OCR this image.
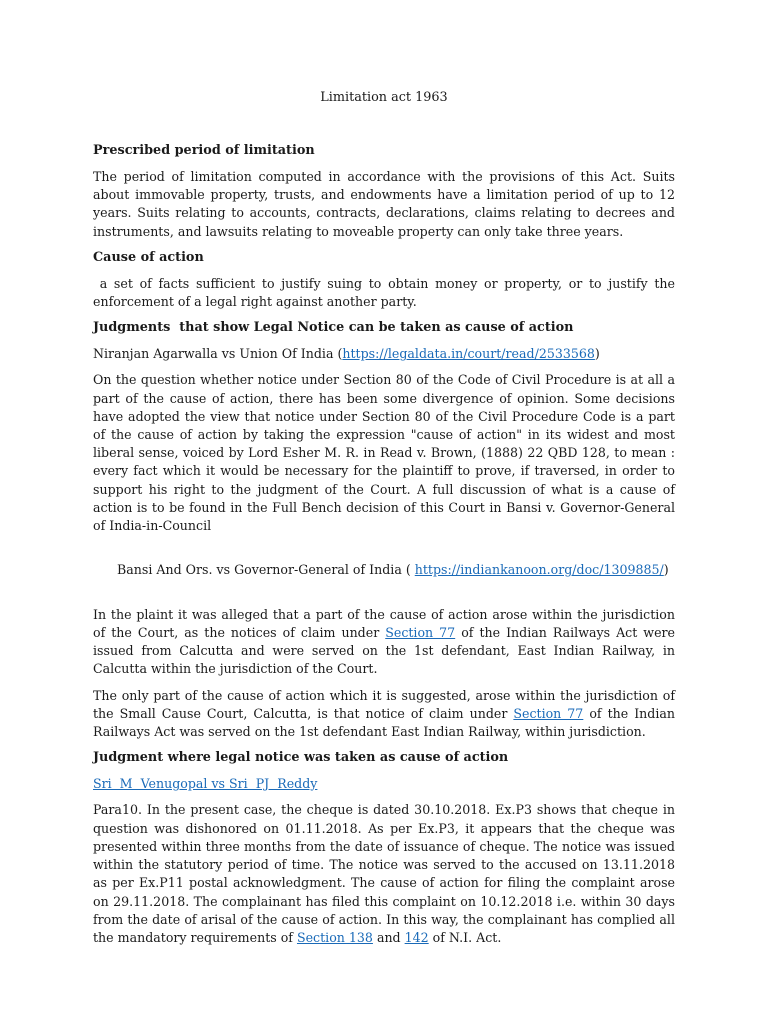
Limitation act 1963
Prescribed period of limitation

The period of limitation computed in accordance with the provisions of this Act. Suits about immovable property, trusts, and endowments have a limitation period of up to 12 years. Suits relating to accounts, contracts, declarations, claims relating to decrees and instruments, and lawsuits relating to moveable property can only take three years.

Cause of action

a set of facts sufficient to justify suing to obtain money or property, or to justify the enforcement of a legal right against another party.

Judgments  that show Legal Notice can be taken as cause of action

Niranjan Agarwalla vs Union Of India (https://legaldata.in/court/read/2533568)

On the question whether notice under Section 80 of the Code of Civil Procedure is at all a part of the cause of action, there has been some divergence of opinion. Some decisions have adopted the view that notice under Section 80 of the Civil Procedure Code is a part of the cause of action by taking the expression "cause of action" in its widest and most liberal sense, voiced by Lord Esher M. R. in Read v. Brown, (1888) 22 QBD 128, to mean : every fact which it would be necessary for the plaintiff to prove, if traversed, in order to support his right to the judgment of the Court. A full discussion of what is a cause of action is to be found in the Full Bench decision of this Court in Bansi v. Governor-General of India-in-Council

Bansi And Ors. vs Governor-General of India ( https://indiankanoon.org/doc/1309885/)

In the plaint it was alleged that a part of the cause of action arose within the jurisdiction of the Court, as the notices of claim under Section 77 of the Indian Railways Act were issued from Calcutta and were served on the 1st defendant, East Indian Railway, in Calcutta within the jurisdiction of the Court.

The only part of the cause of action which it is suggested, arose within the jurisdiction of the Small Cause Court, Calcutta, is that notice of claim under Section 77 of the Indian Railways Act was served on the 1st defendant East Indian Railway, within jurisdiction.

Judgment where legal notice was taken as cause of action

Sri  M  Venugopal vs Sri  PJ  Reddy

Para10. In the present case, the cheque is dated 30.10.2018. Ex.P3 shows that cheque in question was dishonored on 01.11.2018. As per Ex.P3, it appears that the cheque was presented within three months from the date of issuance of cheque. The notice was issued within the statutory period of time. The notice was served to the accused on 13.11.2018 as per Ex.P11 postal acknowledgment. The cause of action for filing the complaint arose on 29.11.2018. The complainant has filed this complaint on 10.12.2018 i.e. within 30 days from the date of arisal of the cause of action. In this way, the complainant has complied all the mandatory requirements of Section 138 and 142 of N.I. Act.
